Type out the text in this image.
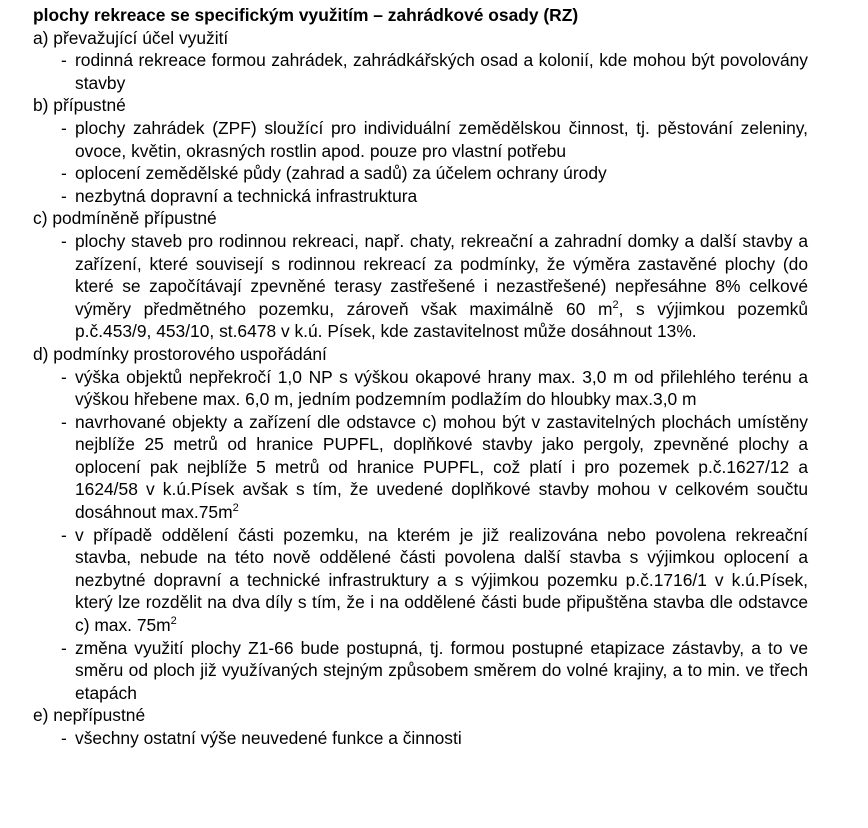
plochy rekreace se specifickým využitím – zahrádkové osady (RZ)
a) převažující účel využití
- rodinná rekreace formou zahrádek, zahrádkářských osad a kolonií, kde mohou být povolovány stavby
b) přípustné
- plochy zahrádek (ZPF) sloužící pro individuální zemědělskou činnost, tj. pěstování zeleniny, ovoce, květin, okrasných rostlin apod. pouze pro vlastní potřebu
- oplocení zemědělské půdy (zahrad a sadů) za účelem ochrany úrody
- nezbytná dopravní a technická infrastruktura
c) podmíněně přípustné
- plochy staveb pro rodinnou rekreaci, např. chaty, rekreační a zahradní domky a další stavby a zařízení, které souvisejí s rodinnou rekreací za podmínky, že výměra zastavěné plochy (do které se započítávají zpevněné terasy zastřešené i nezastřešené) nepřesáhne 8% celkové výměry předmětného pozemku, zároveň však maximálně 60 $m^2$, s výjimkou pozemků p.č.453/9, 453/10, st.6478 v k.ú. Písek, kde zastavitelnost může dosáhnout 13%.
d) podmínky prostorového uspořádání
- výška objektů nepřekročí 1,0 NP s výškou okapové hrany max. 3,0 m od přilehlého terénu a výškou hřebene max. 6,0 m, jedním podzemním podlažím do hloubky max.3,0 m
- navrhované objekty a zařízení dle odstavce c) mohou být v zastavitelných plochách umístěny nejblíže 25 metrů od hranice PUPFL, doplňkové stavby jako pergoly, zpevněné plochy a oplocení pak nejblíže 5 metrů od hranice PUPFL, což platí i pro pozemek p.č.1627/12 a 1624/58 v k.ú.Písek avšak s tím, že uvedené doplňkové stavby mohou v celkovém součtu dosáhnout $\max.75m^2$
- v případě oddělení části pozemku, na kterém je již realizována nebo povolena rekreační stavba, nebude na této nově oddělené části povolena další stavba s výjimkou oplocení a nezbytné dopravní a technické infrastruktury a s výjimkou pozemku p.č.1716/1 v k.ú.Písek, který lze rozdělit na dva díly s tím, že i na oddělené části bude připuštěna stavba dle odstavce c) max. $75m^2$
- změna využití plochy Z1-66 bude postupná, tj. formou postupné etapizace zástavby, a to ve směru od ploch již využívaných stejným způsobem směrem do volné krajiny, a to min. ve třech etapách
e) nepřípustné
- všechny ostatní výše neuvedené funkce a činnosti
